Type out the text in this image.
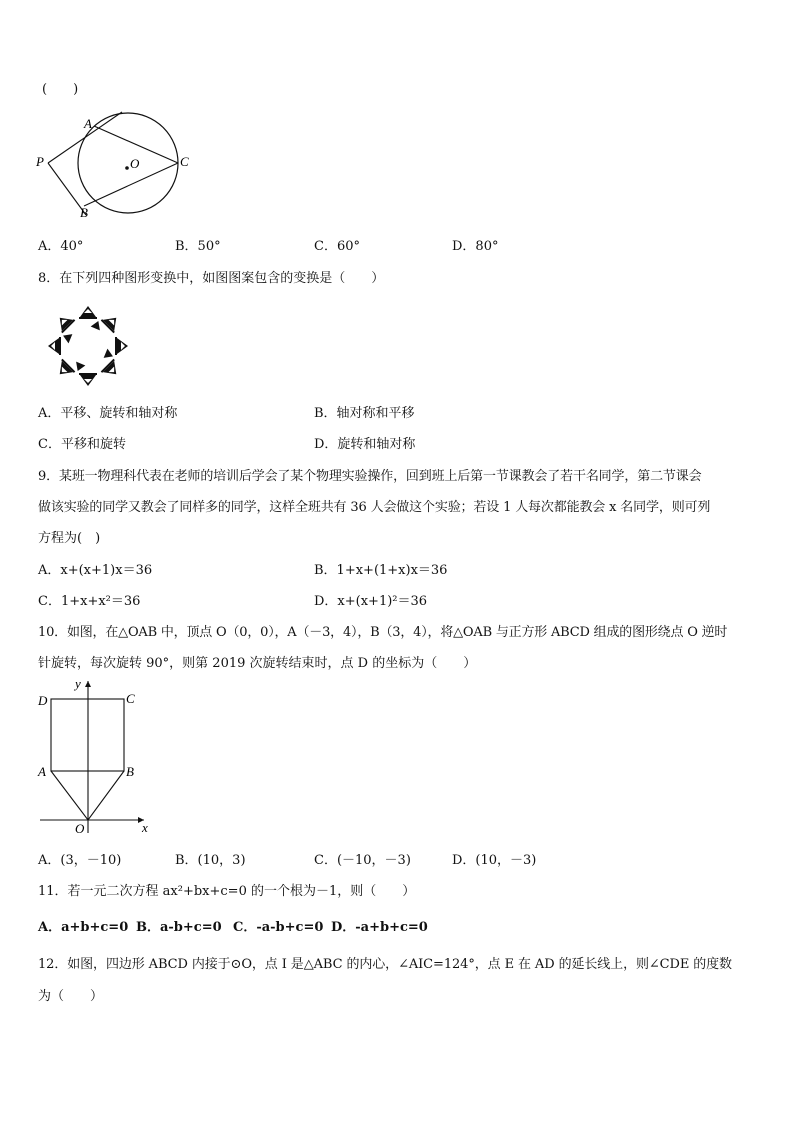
(　　)
A
P	O	C
B
A．40°	B．50°	C．60°	D．80°
8．在下列四种图形变换中，如图图案包含的变换是（　　）
A．平移、旋转和轴对称	B．轴对称和平移
C．平移和旋转	D．旋转和轴对称
9．某班一物理科代表在老师的培训后学会了某个物理实验操作，回到班上后第一节课教会了若干名同学，第二节课会
做该实验的同学又教会了同样多的同学，这样全班共有 36 人会做这个实验；若设 1 人每次都能教会 x 名同学，则可列
方程为(　)
A．x+(x+1)x＝36	B．1+x+(1+x)x＝36
C．1+x+x²＝36	D．x+(x+1)²＝36
10．如图，在△OAB 中，顶点 O（0，0），A（－3，4），B（3，4），将△OAB 与正方形 ABCD 组成的图形绕点 O 逆时
针旋转，每次旋转 90°，则第 2019 次旋转结束时，点 D 的坐标为（　　）
D	C
y
A	B
O	x
A．(3，－10)	B．(10，3)	C．(－10，－3)	D．(10，－3)
11．若一元二次方程 ax²+bx+c=0 的一个根为－1，则（　　）
A．a+b+c=0 B．a-b+c=0 C．-a-b+c=0 D．-a+b+c=0
12．如图，四边形 ABCD 内接于⊙O，点 I 是△ABC 的内心，∠AIC=124°，点 E 在 AD 的延长线上，则∠CDE 的度数
为（　　）
